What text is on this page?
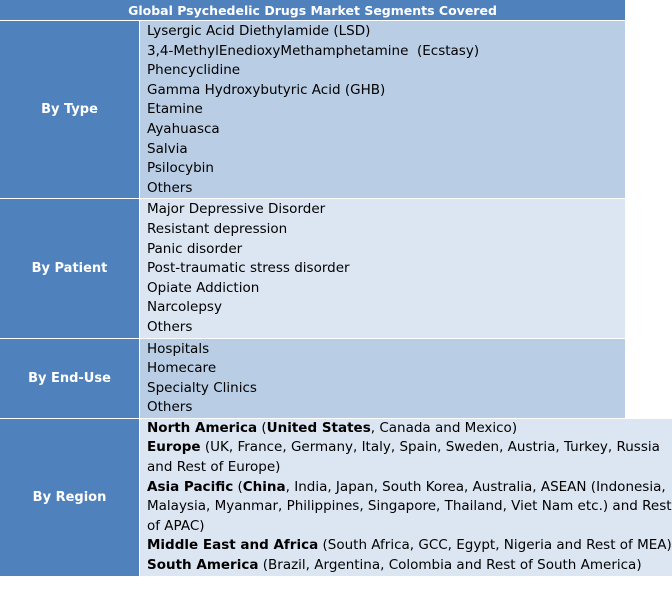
Global Psychedelic Drugs Market Segments Covered
By Type
Lysergic Acid Diethylamide (LSD)
3,4-MethylEnedioxyMethamphetamine  (Ecstasy)
Phencyclidine
Gamma Hydroxybutyric Acid (GHB)
Etamine
Ayahuasca
Salvia
Psilocybin
Others
By Patient
Major Depressive Disorder
Resistant depression
Panic disorder
Post-traumatic stress disorder
Opiate Addiction
Narcolepsy
Others
By End-Use
Hospitals
Homecare
Specialty Clinics
Others
By Region
North America (United States, Canada and Mexico)
Europe (UK, France, Germany, Italy, Spain, Sweden, Austria, Turkey, Russia
and Rest of Europe)
Asia Pacific (China, India, Japan, South Korea, Australia, ASEAN (Indonesia,
Malaysia, Myanmar, Philippines, Singapore, Thailand, Viet Nam etc.) and Rest
of APAC)
Middle East and Africa (South Africa, GCC, Egypt, Nigeria and Rest of MEA)
South America (Brazil, Argentina, Colombia and Rest of South America)
